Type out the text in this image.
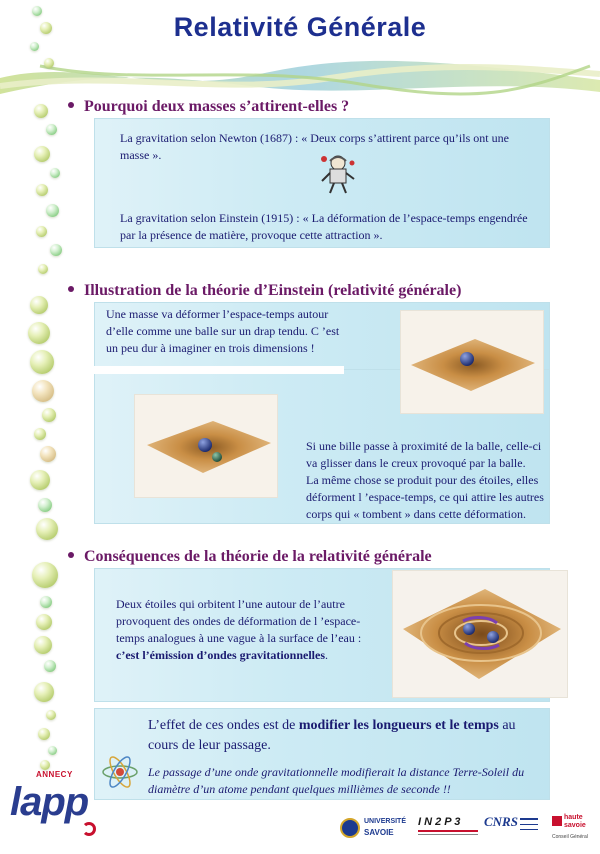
Relativité Générale
Pourquoi deux masses s’attirent-elles ?
La gravitation selon Newton (1687) : « Deux corps s’attirent parce qu’ils ont une masse ».
La gravitation selon Einstein (1915) : « La déformation de l’espace-temps engendrée par la présence de matière, provoque cette attraction ».
Illustration de la théorie d’Einstein (relativité générale)
Une masse va déformer l’espace-temps autour d’elle comme une balle sur un drap tendu. C ’est un peu dur à imaginer en trois dimensions !
Si une bille passe à proximité de la balle, celle-ci va glisser dans le creux provoqué par la balle.
La même chose se produit pour des étoiles, elles déforment l ’espace-temps, ce qui attire les autres corps qui « tombent » dans cette déformation.
Conséquences de la théorie de la relativité générale
Deux étoiles qui orbitent l’une autour de l’autre provoquent des ondes de déformation de l ’espace-temps analogues à une vague à la surface de l’eau : c’est l’émission d’ondes gravitationnelles.
L’effet de ces ondes est de modifier les longueurs et le temps au cours de leur passage.
Le passage d’une onde gravitationnelle modifierait la distance Terre-Soleil du diamètre d’un atome pendant quelques millièmes de seconde !!
ANNECY
lapp	UNIVERSITÉ
SAVOIE
I N 2 P 3 CNRS	haute savoie
Conseil Général
